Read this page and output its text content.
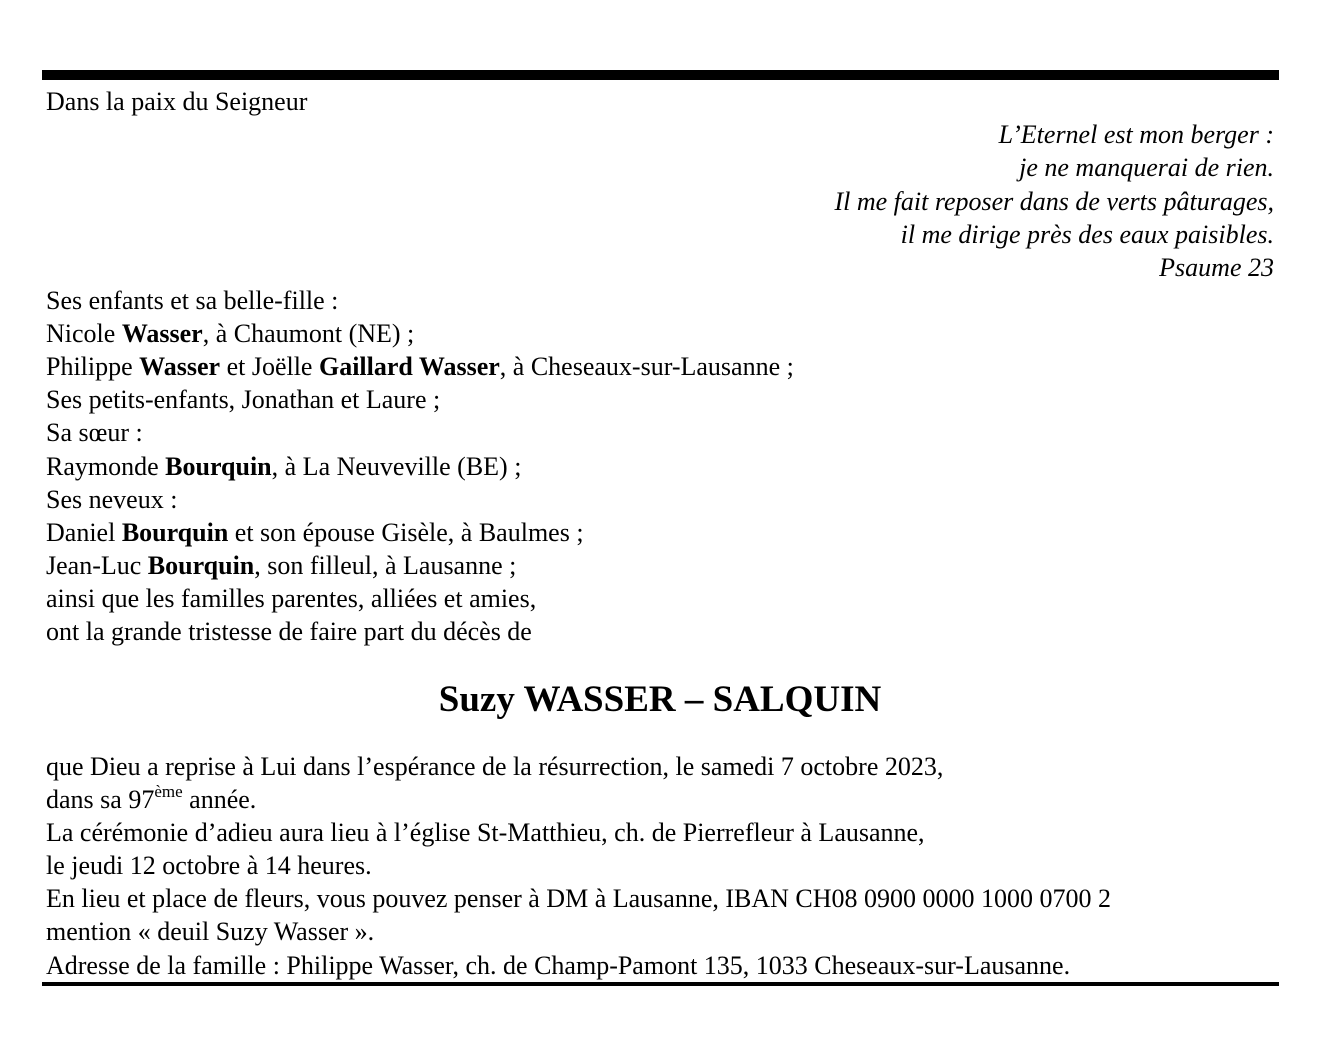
Dans la paix du Seigneur
L’Eternel est mon berger :
je ne manquerai de rien.
Il me fait reposer dans de verts pâturages,
il me dirige près des eaux paisibles.
Psaume 23
Ses enfants et sa belle-fille :
Nicole Wasser, à Chaumont (NE) ;
Philippe Wasser et Joëlle Gaillard Wasser, à Cheseaux-sur-Lausanne ;
Ses petits-enfants, Jonathan et Laure ;
Sa sœur :
Raymonde Bourquin, à La Neuveville (BE) ;
Ses neveux :
Daniel Bourquin et son épouse Gisèle, à Baulmes ;
Jean-Luc Bourquin, son filleul, à Lausanne ;
ainsi que les familles parentes, alliées et amies,
ont la grande tristesse de faire part du décès de
Suzy WASSER – SALQUIN
que Dieu a reprise à Lui dans l’espérance de la résurrection, le samedi 7 octobre 2023,
dans sa 97ème année.
La cérémonie d’adieu aura lieu à l’église St-Matthieu, ch. de Pierrefleur à Lausanne,
le jeudi 12 octobre à 14 heures.
En lieu et place de fleurs, vous pouvez penser à DM à Lausanne, IBAN CH08 0900 0000 1000 0700 2
mention « deuil Suzy Wasser ».
Adresse de la famille : Philippe Wasser, ch. de Champ-Pamont 135, 1033 Cheseaux-sur-Lausanne.
